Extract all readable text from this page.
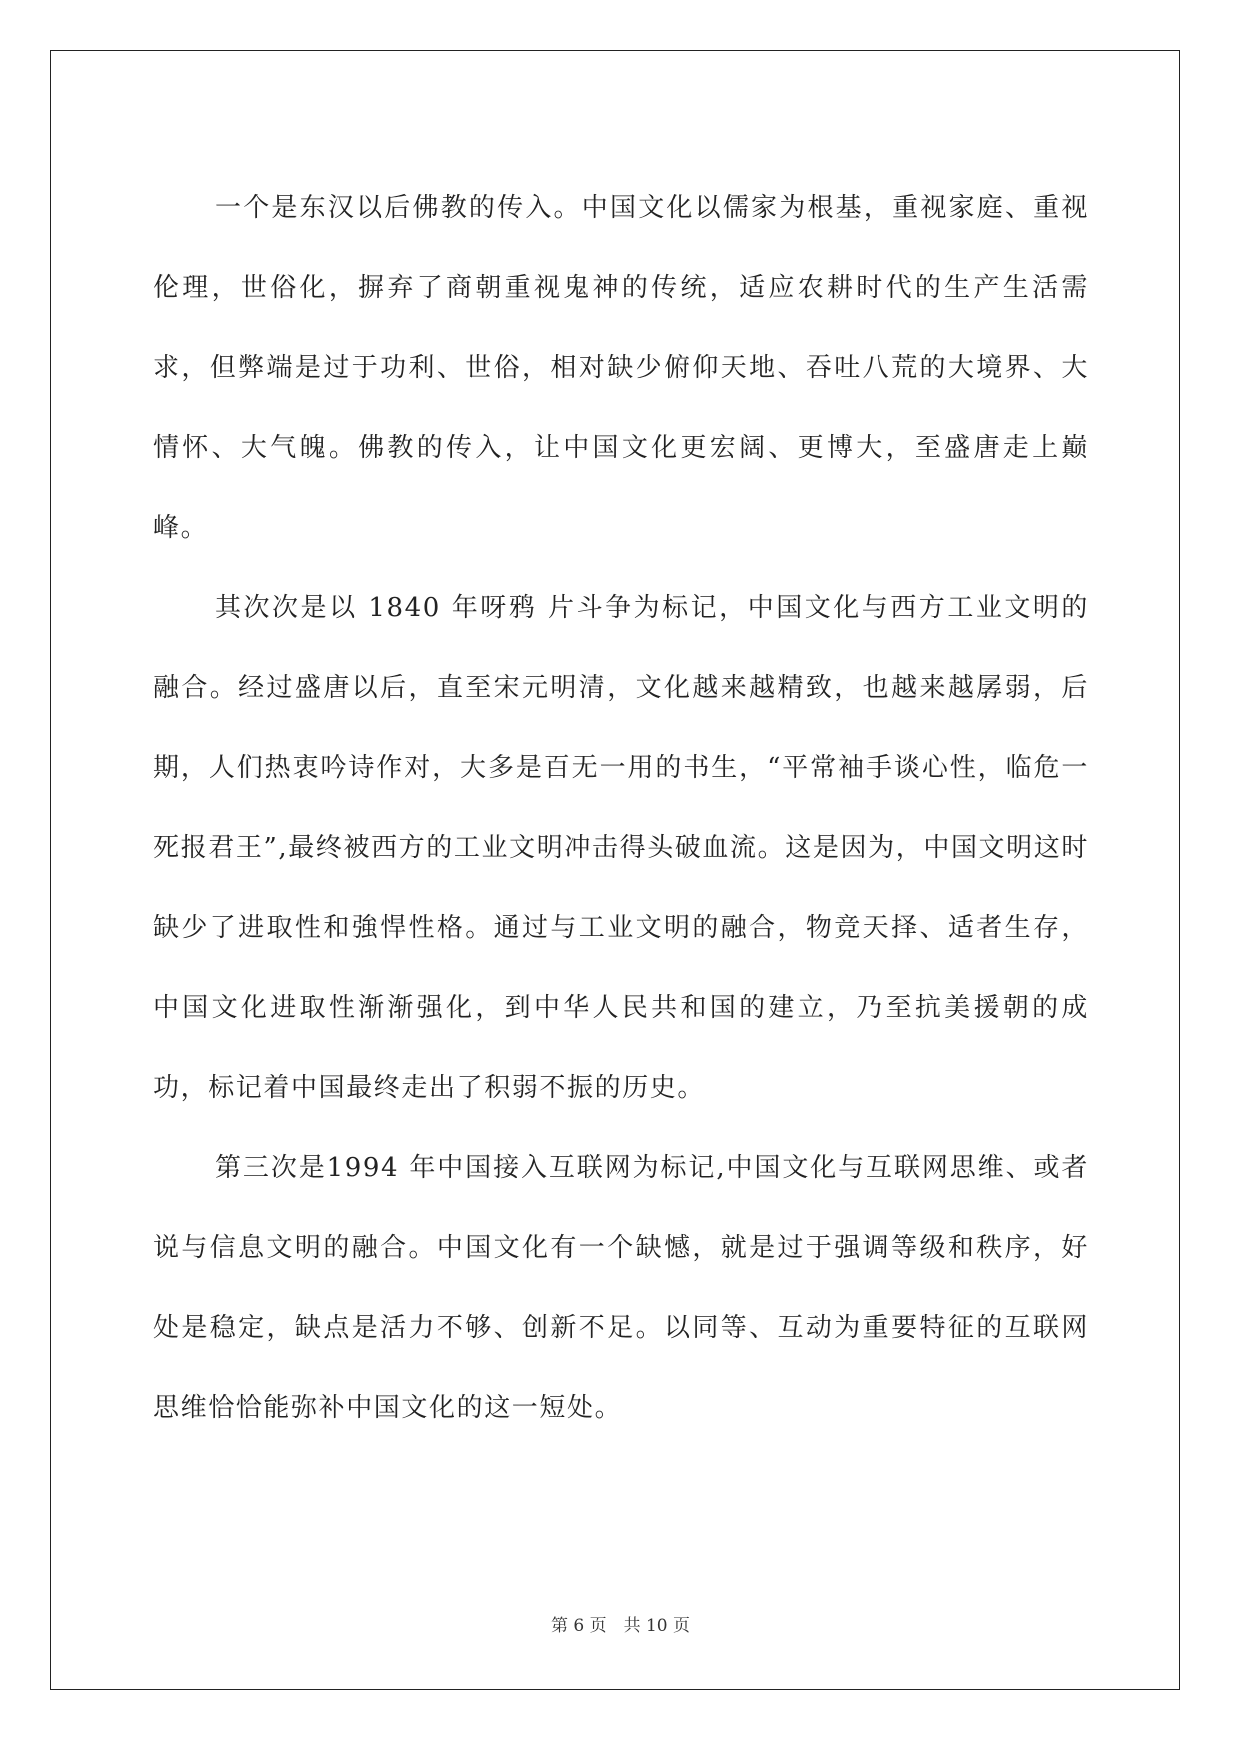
一个是东汉以后佛教的传入。中国文化以儒家为根基，重视家庭、重视伦理，世俗化，摒弃了商朝重视鬼神的传统，适应农耕时代的生产生活需求，但弊端是过于功利、世俗，相对缺少俯仰天地、吞吐八荒的大境界、大情怀、大气魄。佛教的传入，让中国文化更宏阔、更博大，至盛唐走上巅峰。

其次次是以 1840 年呀鸦 片斗争为标记，中国文化与西方工业文明的融合。经过盛唐以后，直至宋元明清，文化越来越精致，也越来越孱弱，后期，人们热衷吟诗作对，大多是百无一用的书生，“平常袖手谈心性，临危一死报君王”,最终被西方的工业文明冲击得头破血流。这是因为，中国文明这时缺少了进取性和強悍性格。通过与工业文明的融合，物竞天择、适者生存，中国文化进取性渐渐强化，到中华人民共和国的建立，乃至抗美援朝的成功，标记着中国最终走出了积弱不振的历史。

第三次是1994 年中国接入互联网为标记,中国文化与互联网思维、或者说与信息文明的融合。中国文化有一个缺憾，就是过于强调等级和秩序，好处是稳定，缺点是活力不够、创新不足。以同等、互动为重要特征的互联网思维恰恰能弥补中国文化的这一短处。

第 6 页　共 10 页
